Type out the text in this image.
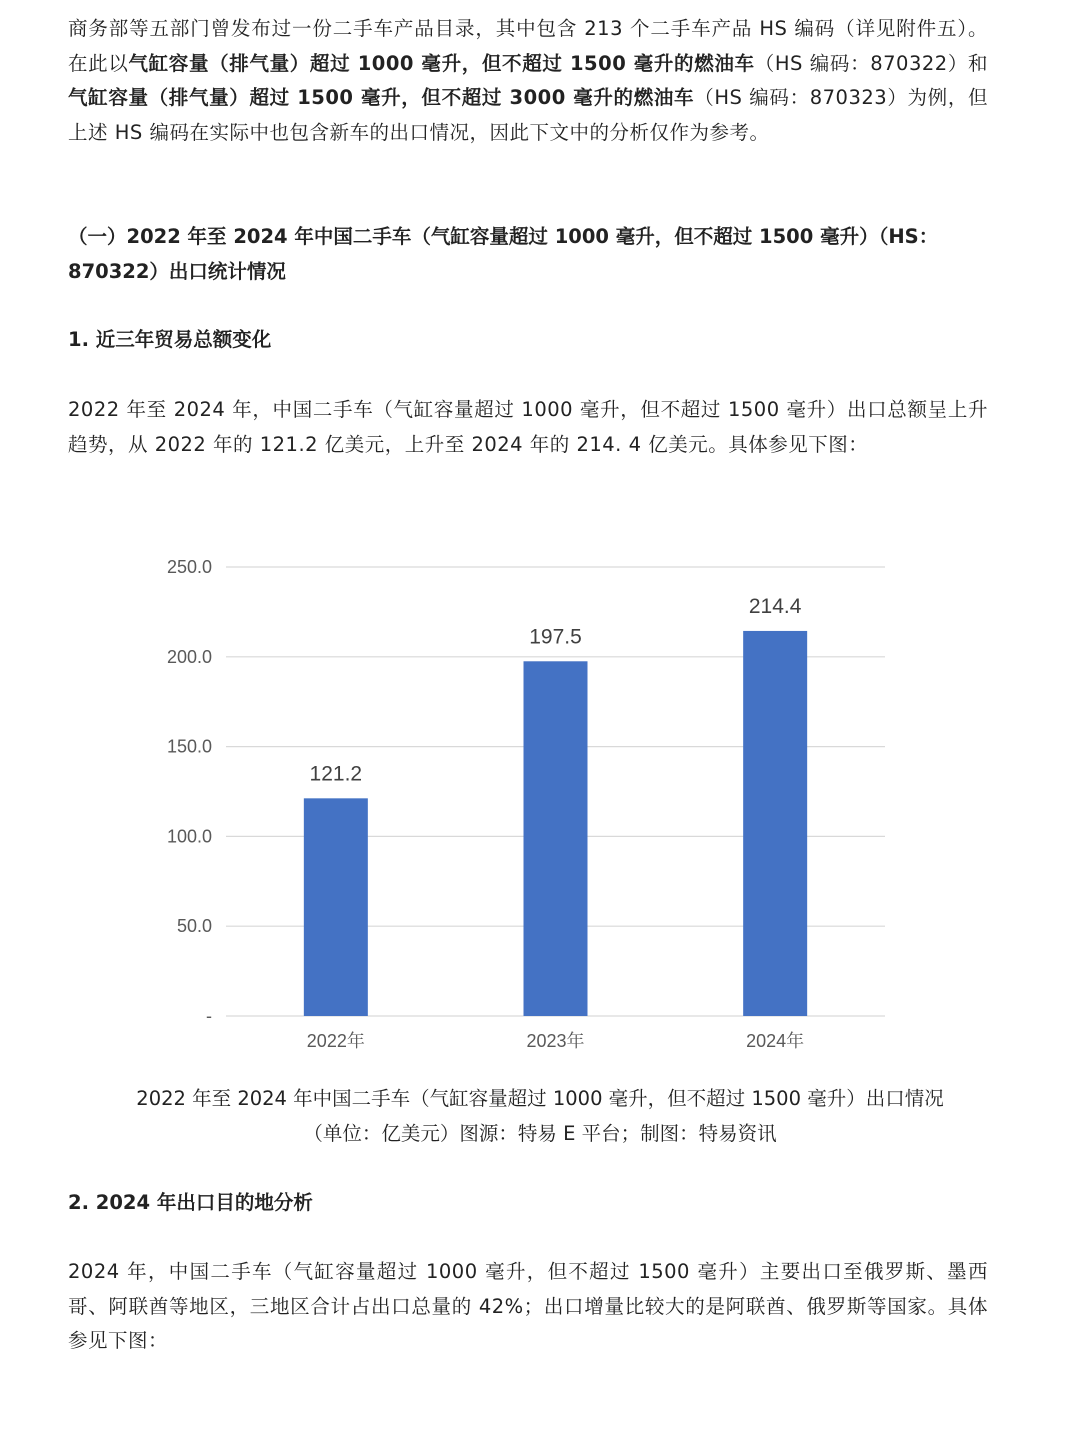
商务部等五部门曾发布过一份二手车产品目录，其中包含 213 个二手车产品 HS 编码（详见附件五）。在此以气缸容量（排气量）超过 1000 毫升，但不超过 1500 毫升的燃油车（HS 编码：870322）和气缸容量（排气量）超过 1500 毫升，但不超过 3000 毫升的燃油车（HS 编码：870323）为例，但上述 HS 编码在实际中也包含新车的出口情况，因此下文中的分析仅作为参考。

（一）2022 年至 2024 年中国二手车（气缸容量超过 1000 毫升，但不超过 1500 毫升）（HS：870322）出口统计情况

1. 近三年贸易总额变化

2022 年至 2024 年，中国二手车（气缸容量超过 1000 毫升，但不超过 1500 毫升）出口总额呈上升趋势，从 2022 年的 121.2 亿美元，上升至 2024 年的 214. 4 亿美元。具体参见下图：

-
50.0
100.0
150.0
200.0
250.0
121.2
2022年
197.5
2023年
214.4
2024年

2022 年至 2024 年中国二手车（气缸容量超过 1000 毫升，但不超过 1500 毫升）出口情况

（单位：亿美元）图源：特易 E 平台；制图：特易资讯

2. 2024 年出口目的地分析

2024 年，中国二手车（气缸容量超过 1000 毫升，但不超过 1500 毫升）主要出口至俄罗斯、墨西哥、阿联酋等地区，三地区合计占出口总量的 42%；出口增量比较大的是阿联酋、俄罗斯等国家。具体参见下图：
